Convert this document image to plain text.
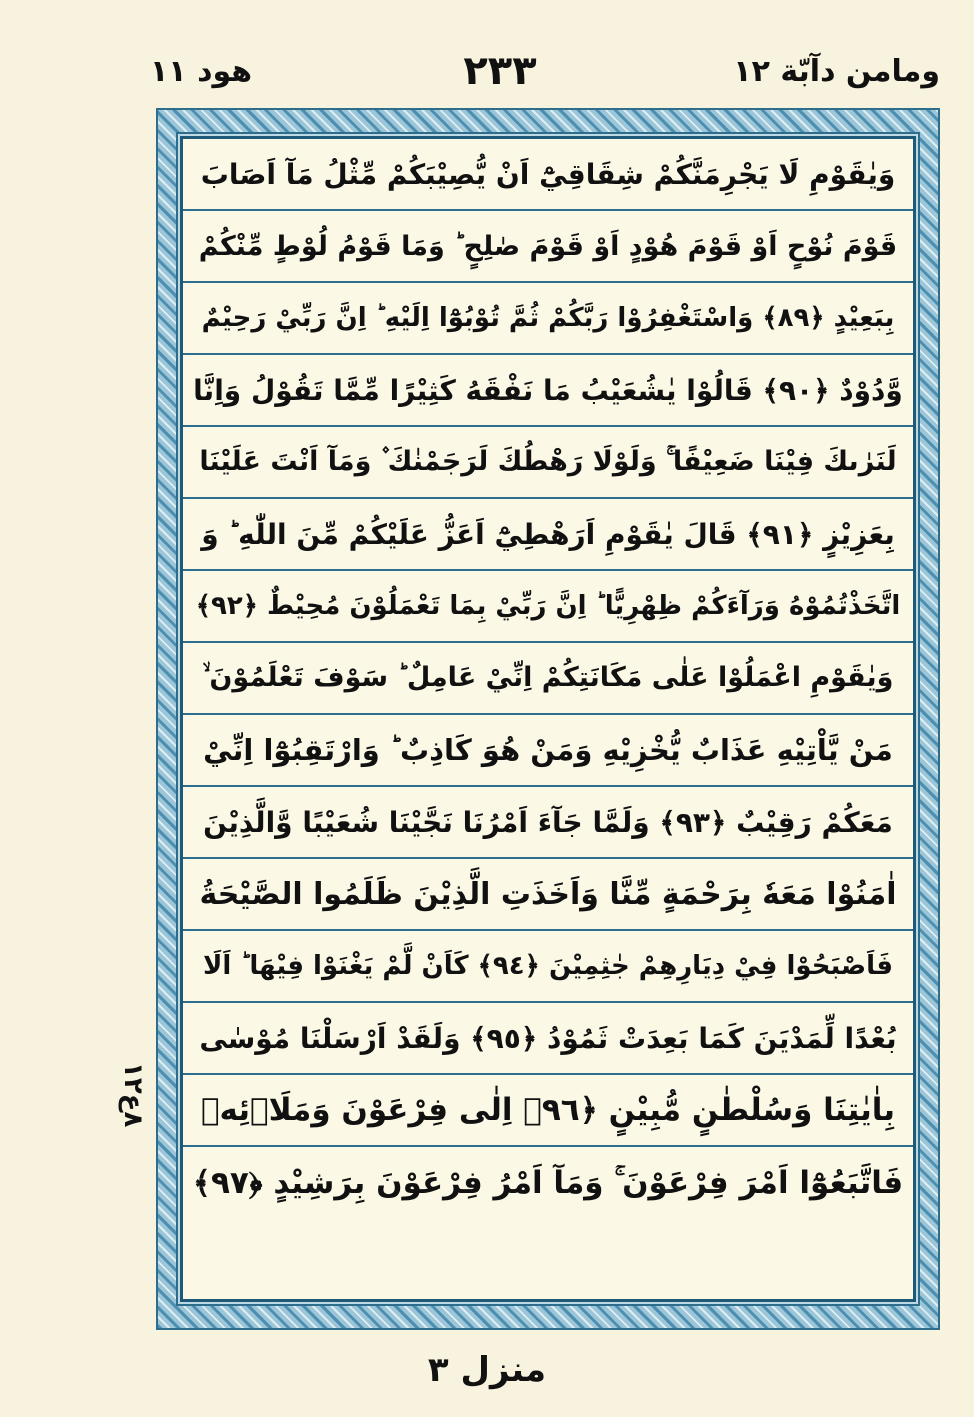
هود ١١	٢٣٣	ومامن دآبّة ١٢
وَيٰقَوْمِ لَا يَجْرِمَنَّكُمْ شِقَاقِيْٓ اَنْ يُّصِيْبَكُمْ مِّثْلُ مَآ اَصَابَ
قَوْمَ نُوْحٍ اَوْ قَوْمَ هُوْدٍ اَوْ قَوْمَ صٰلِحٍ ؕ وَمَا قَوْمُ لُوْطٍ مِّنْكُمْ
بِبَعِيْدٍ ﴿٨٩﴾ وَاسْتَغْفِرُوْا رَبَّكُمْ ثُمَّ تُوْبُوْٓا اِلَيْهِ ؕ اِنَّ رَبِّيْ رَحِيْمٌ
وَّدُوْدٌ ﴿٩٠﴾ قَالُوْا يٰشُعَيْبُ مَا نَفْقَهُ كَثِيْرًا مِّمَّا تَقُوْلُ وَاِنَّا
لَنَرٰىكَ فِيْنَا ضَعِيْفًا ۚ وَلَوْلَا رَهْطُكَ لَرَجَمْنٰكَ ۫ وَمَآ اَنْتَ عَلَيْنَا
بِعَزِيْزٍ ﴿٩١﴾ قَالَ يٰقَوْمِ اَرَهْطِيْٓ اَعَزُّ عَلَيْكُمْ مِّنَ اللّٰهِ ؕ وَ
اتَّخَذْتُمُوْهُ وَرَآءَكُمْ ظِهْرِيًّا ؕ اِنَّ رَبِّيْ بِمَا تَعْمَلُوْنَ مُحِيْطٌ ﴿٩٢﴾
وَيٰقَوْمِ اعْمَلُوْا عَلٰى مَكَانَتِكُمْ اِنِّيْ عَامِلٌ ؕ سَوْفَ تَعْلَمُوْنَ ۙ
مَنْ يَّاْتِيْهِ عَذَابٌ يُّخْزِيْهِ وَمَنْ هُوَ كَاذِبٌ ؕ وَارْتَقِبُوْٓا اِنِّيْ
مَعَكُمْ رَقِيْبٌ ﴿٩٣﴾ وَلَمَّا جَآءَ اَمْرُنَا نَجَّيْنَا شُعَيْبًا وَّالَّذِيْنَ
اٰمَنُوْا مَعَهٗ بِرَحْمَةٍ مِّنَّا وَاَخَذَتِ الَّذِيْنَ ظَلَمُوا الصَّيْحَةُ
فَاَصْبَحُوْا فِيْ دِيَارِهِمْ جٰثِمِيْنَ ﴿٩٤﴾ كَاَنْ لَّمْ يَغْنَوْا فِيْهَا ؕ اَلَا
بُعْدًا لِّمَدْيَنَ كَمَا بَعِدَتْ ثَمُوْدُ ﴿٩٥﴾ وَلَقَدْ اَرْسَلْنَا مُوْسٰى
بِاٰيٰتِنَا وَسُلْطٰنٍ مُّبِيْنٍ ﴿٩٦﴾ اِلٰى فِرْعَوْنَ وَمَلَا۟ئِهٖ
فَاتَّبَعُوْٓا اَمْرَ فِرْعَوْنَ ۚ وَمَآ اَمْرُ فِرْعَوْنَ بِرَشِيْدٍ ﴿٩٧﴾
٨ع١٢
منزل ٣
